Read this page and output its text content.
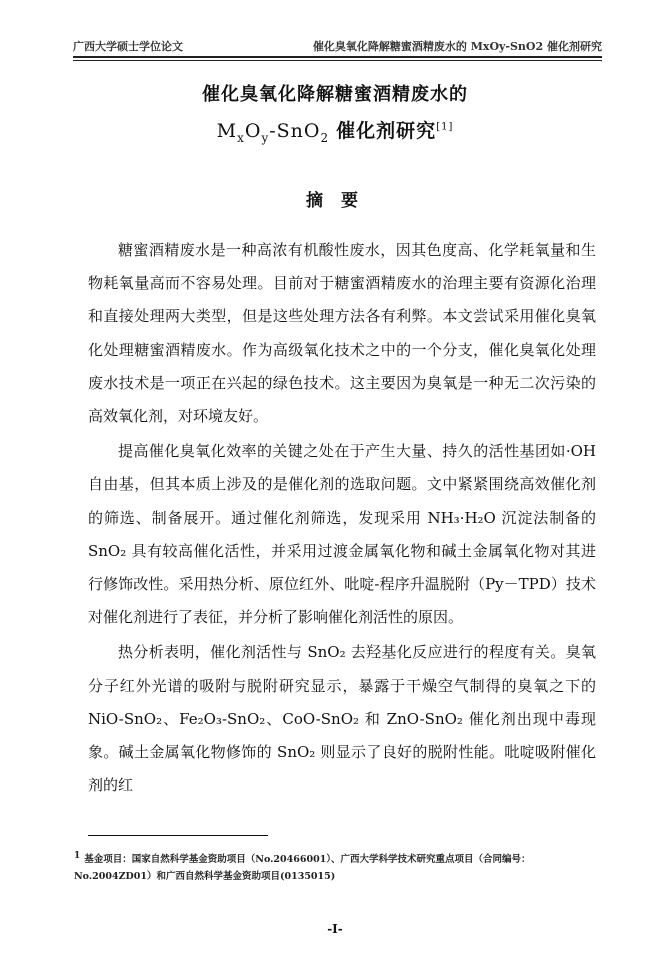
广西大学硕士学位论文	催化臭氧化降解糖蜜酒精废水的 MxOy-SnO2 催化剂研究
催化臭氧化降解糖蜜酒精废水的
$M_xO_y-SnO_2$ 催化剂研究[1]
摘 要

糖蜜酒精废水是一种高浓有机酸性废水，因其色度高、化学耗氧量和生物耗氧量高而不容易处理。目前对于糖蜜酒精废水的治理主要有资源化治理和直接处理两大类型，但是这些处理方法各有利弊。本文尝试采用催化臭氧化处理糖蜜酒精废水。作为高级氧化技术之中的一个分支，催化臭氧化处理废水技术是一项正在兴起的绿色技术。这主要因为臭氧是一种无二次污染的高效氧化剂，对环境友好。

提高催化臭氧化效率的关键之处在于产生大量、持久的活性基团如·OH自由基，但其本质上涉及的是催化剂的选取问题。文中紧紧围绕高效催化剂的筛选、制备展开。通过催化剂筛选，发现采用 NH₃·H₂O 沉淀法制备的 SnO₂ 具有较高催化活性，并采用过渡金属氧化物和碱土金属氧化物对其进行修饰改性。采用热分析、原位红外、吡啶-程序升温脱附（Py－TPD）技术对催化剂进行了表征，并分析了影响催化剂活性的原因。

热分析表明，催化剂活性与 SnO₂ 去羟基化反应进行的程度有关。臭氧分子红外光谱的吸附与脱附研究显示，暴露于干燥空气制得的臭氧之下的 NiO-SnO₂、Fe₂O₃-SnO₂、CoO-SnO₂ 和 ZnO-SnO₂ 催化剂出现中毒现象。碱土金属氧化物修饰的 SnO₂ 则显示了良好的脱附性能。吡啶吸附催化剂的红

1 基金项目：国家自然科学基金资助项目（No.20466001）、广西大学科学技术研究重点项目（合同编号：No.2004ZD01）和广西自然科学基金资助项目(0135015)
-I-
